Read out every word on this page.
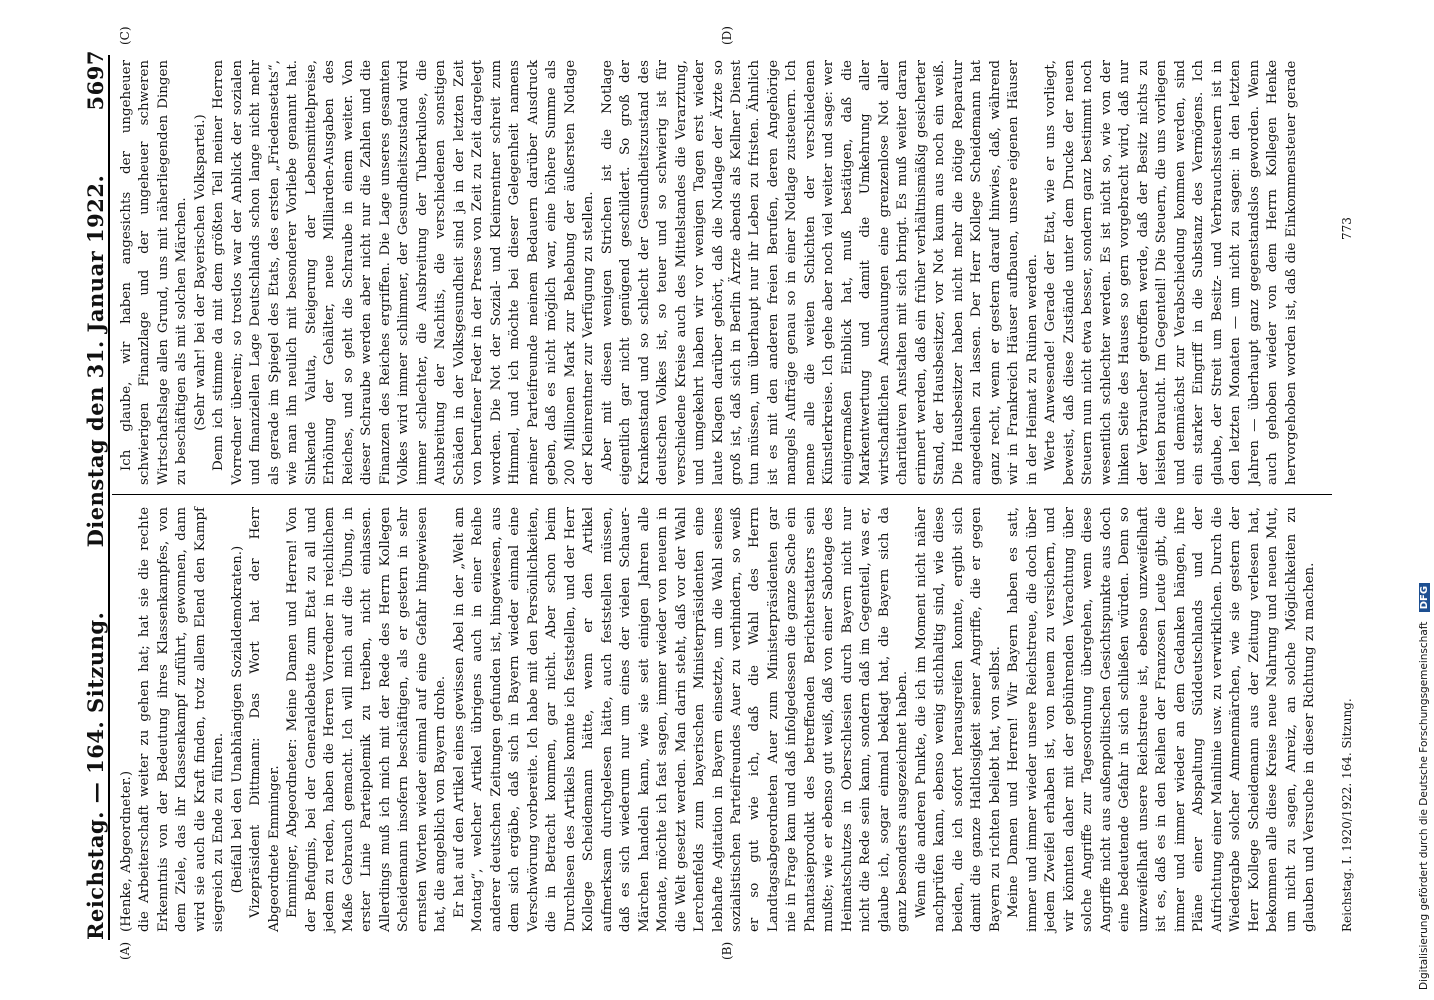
Reichstag. — 164. Sitzung.
Dienstag den 31. Januar 1922.
5697
(A)	(B)
(C)	(D)

(Henke, Abgeordneter.) die Arbeiterschaft weiter zu gehen hat; hat sie die rechte Erkenntnis von der Bedeutung ihres Klassenkampfes, von dem Ziele, das ihr Klassenkampf zuführt, gewonnen, dann wird sie auch die Kraft finden, trotz allem Elend den Kampf siegreich zu Ende zu führen. (Beifall bei den Unabhängigen Sozialdemokraten.) Vizepräsident Dittmann: Das Wort hat der Herr Abgeordnete Emminger. Emminger, Abgeordneter: Meine Damen und Herren! Von der Befugnis, bei der Generaldebatte zum Etat zu all und jedem zu reden, haben die Herren Vorredner in reichlichem Maße Gebrauch gemacht. Ich will mich auf die Übung, in erster Linie Parteipolemik zu treiben, nicht einlassen. Allerdings muß ich mich mit der Rede des Herrn Kollegen Scheidemann insofern beschäftigen, als er gestern in sehr ernsten Worten wieder einmal auf eine Gefahr hingewiesen hat, die angeblich von Bayern drohe. Er hat auf den Artikel eines gewissen Abel in der „Welt am Montag“, welcher Artikel übrigens auch in einer Reihe anderer deutschen Zeitungen gefunden ist, hingewiesen, aus dem sich ergäbe, daß sich in Bayern wieder einmal eine Verschwörung vorbereite. Ich habe mit den Persönlichkeiten, die in Betracht kommen, gar nicht. Aber schon beim Durchlesen des Artikels konnte ich feststellen, und der Herr Kollege Scheidemann hätte, wenn er den Artikel aufmerksam durchgelesen hätte, auch feststellen müssen, daß es sich wiederum nur um eines der vielen Schauer-Märchen handeln kann, wie sie seit einigen Jahren alle Monate, möchte ich fast sagen, immer wieder von neuem in die Welt gesetzt werden. Man darin steht, daß vor der Wahl Lerchenfelds zum bayerischen Ministerpräsidenten eine lebhafte Agitation in Bayern einsetzte, um die Wahl seines sozialistischen Parteifreundes Auer zu verhindern, so weiß er so gut wie ich, daß die Wahl des Herrn Landtagsabgeordneten Auer zum Ministerpräsidenten gar nie in Frage kam und daß infolgedessen die ganze Sache ein Phantasieprodukt des betreffenden Berichterstatters sein mußte; wie er ebenso gut weiß, daß von einer Sabotage des Heimatschutzes in Oberschlesien durch Bayern nicht nur nicht die Rede sein kann, sondern daß im Gegenteil, was er, glaube ich, sogar einmal beklagt hat, die Bayern sich da ganz besonders ausgezeichnet haben. Wenn die anderen Punkte, die ich im Moment nicht näher nachprüfen kann, ebenso wenig stichhaltig sind, wie diese beiden, die ich sofort herausgreifen konnte, ergibt sich damit die ganze Haltlosigkeit seiner Angriffe, die er gegen Bayern zu richten beliebt hat, von selbst. Meine Damen und Herren! Wir Bayern haben es satt, immer und immer wieder unsere Reichstreue, die doch über jedem Zweifel erhaben ist, von neuem zu versichern, und wir könnten daher mit der gebührenden Verachtung über solche Angriffe zur Tagesordnung übergehen, wenn diese Angriffe nicht aus außenpolitischen Gesichtspunkte aus doch eine bedeutende Gefahr in sich schließen würden. Denn so unzweifelhaft unsere Reichstreue ist, ebenso unzweifelhaft ist es, daß es in den Reihen der Franzosen Leute gibt, die immer und immer wieder an dem Gedanken hängen, ihre Pläne einer Abspaltung Süddeutschlands und der Aufrichtung einer Mainlinie usw. zu verwirklichen. Durch die Wiedergabe solcher Ammenmärchen, wie sie gestern der Herr Kollege Scheidemann aus der Zeitung verlesen hat, bekommen alle diese Kreise neue Nahrung und neuen Mut, um nicht zu sagen, Anreiz, an solche Möglichkeiten zu glauben und Versuche in dieser Richtung zu machen.

Ich glaube, wir haben angesichts der ungeheuer schwierigen Finanzlage und der ungeheuer schweren Wirtschaftslage allen Grund, uns mit näherliegenden Dingen zu beschäftigen als mit solchen Märchen. (Sehr wahr! bei der Bayerischen Volkspartei.) Denn ich stimme da mit dem größten Teil meiner Herren Vorredner überein; so trostlos war der Anblick der sozialen und finanziellen Lage Deutschlands schon lange nicht mehr als gerade im Spiegel des Etats, des ersten „Friedensetats“, wie man ihn neulich mit besonderer Vorliebe genannt hat. Sinkende Valuta, Steigerung der Lebensmittelpreise, Erhöhung der Gehälter, neue Milliarden-Ausgaben des Reiches, und so geht die Schraube in einem weiter. Von dieser Schraube werden aber nicht nur die Zahlen und die Finanzen des Reiches ergriffen. Die Lage unseres gesamten Volkes wird immer schlimmer, der Gesundheitszustand wird immer schlechter, die Ausbreitung der Tuberkulose, die Ausbreitung der Nachitis, die verschiedenen sonstigen Schäden in der Volksgesundheit sind ja in der letzten Zeit von berufener Feder in der Presse von Zeit zu Zeit dargelegt worden. Die Not der Sozial- und Kleinrentner schreit zum Himmel, und ich möchte bei dieser Gelegenheit namens meiner Parteifreunde meinem Bedauern darüber Ausdruck geben, daß es nicht möglich war, eine höhere Summe als 200 Millionen Mark zur Behebung der äußersten Notlage der Kleinrentner zur Verfügung zu stellen. Aber mit diesen wenigen Strichen ist die Notlage eigentlich gar nicht genügend geschildert. So groß der Krankenstand und so schlecht der Gesundheitszustand des deutschen Volkes ist, so teuer und so schwierig ist für verschiedene Kreise auch des Mittelstandes die Verarztung, und umgekehrt haben wir vor wenigen Tagen erst wieder laute Klagen darüber gehört, daß die Notlage der Ärzte so groß ist, daß sich in Berlin Ärzte abends als Kellner Dienst tun müssen, um überhaupt nur ihr Leben zu fristen. Ähnlich ist es mit den anderen freien Berufen, deren Angehörige mangels Aufträge genau so in einer Notlage zusteuern. Ich nenne alle die weiten Schichten der verschiedenen Künstlerkreise. Ich gehe aber noch viel weiter und sage: wer einigermaßen Einblick hat, muß bestätigen, daß die Markentwertung und damit die Umkehrung aller wirtschaftlichen Anschauungen eine grenzenlose Not aller charitativen Anstalten mit sich bringt. Es muß weiter daran erinnert werden, daß ein früher verhältnismäßig gesicherter Stand, der Hausbesitzer, vor Not kaum aus noch ein weiß. Die Hausbesitzer haben nicht mehr die nötige Reparatur angedeihen zu lassen. Der Herr Kollege Scheidemann hat ganz recht, wenn er gestern darauf hinwies, daß, während wir in Frankreich Häuser aufbauen, unsere eigenen Häuser in der Heimat zu Ruinen werden. Werte Anwesende! Gerade der Etat, wie er uns vorliegt, beweist, daß diese Zustände unter dem Drucke der neuen Steuern nun nicht etwa besser, sondern ganz bestimmt noch wesentlich schlechter werden. Es ist nicht so, wie von der linken Seite des Hauses so gern vorgebracht wird, daß nur der Verbraucher getroffen werde, daß der Besitz nichts zu leisten braucht. Im Gegenteil! Die Steuern, die uns vorliegen und demnächst zur Verabschiedung kommen werden, sind ein starker Eingriff in die Substanz des Vermögens. Ich glaube, der Streit um Besitz- und Verbrauchssteuern ist in den letzten Monaten — um nicht zu sagen: in den letzten Jahren — überhaupt ganz gegenstandslos geworden. Wenn auch gehoben wieder von dem Herrn Kollegen Henke hervorgehoben worden ist, daß die Einkommensteuer gerade

Reichstag. I. 1920/1922. 164. Sitzung.
773
Digitalisierung gefördert durch die Deutsche Forschungsgemeinschaft DFG
